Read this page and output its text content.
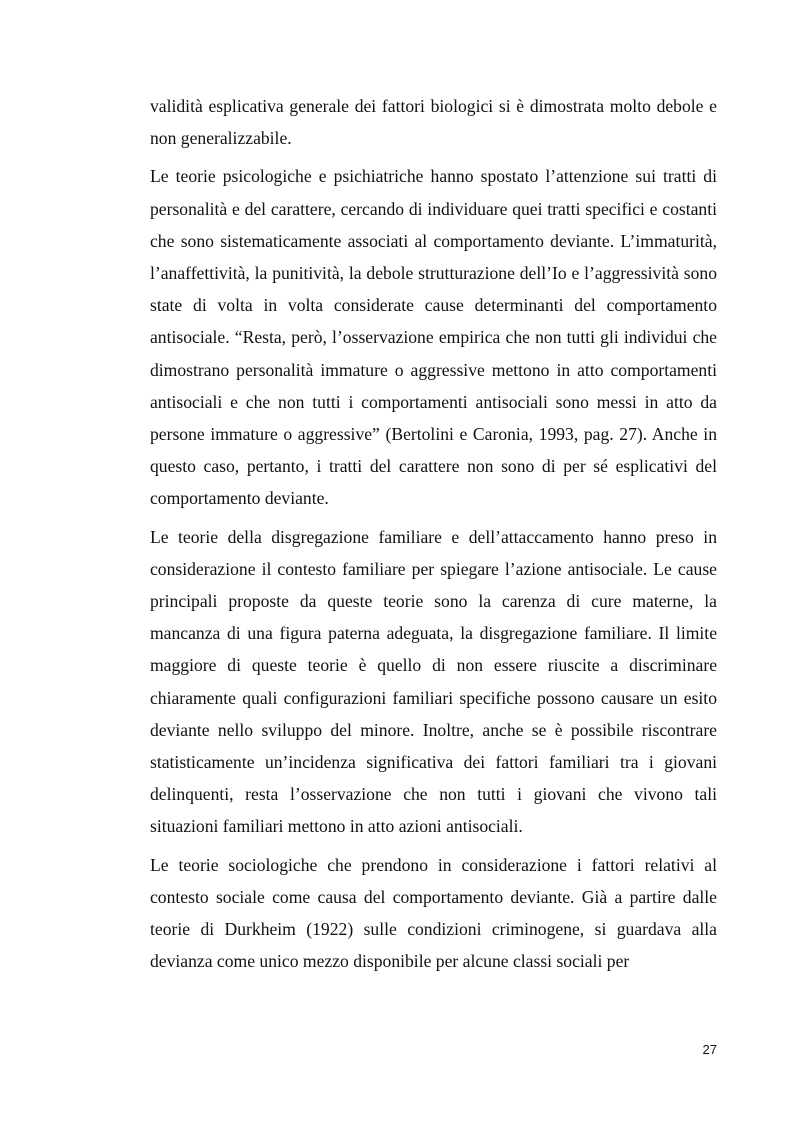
validità esplicativa generale dei fattori biologici si è dimostrata molto debole e non generalizzabile.

Le teorie psicologiche e psichiatriche hanno spostato l’attenzione sui tratti di personalità e del carattere, cercando di individuare quei tratti specifici e costanti che sono sistematicamente associati al comportamento deviante. L’immaturità, l’anaffettività, la punitività, la debole strutturazione dell’Io e l’aggressività sono state di volta in volta considerate cause determinanti del comportamento antisociale. “Resta, però, l’osservazione empirica che non tutti gli individui che dimostrano personalità immature o aggressive mettono in atto comportamenti antisociali e che non tutti i comportamenti antisociali sono messi in atto da persone immature o aggressive” (Bertolini e Caronia, 1993, pag. 27). Anche in questo caso, pertanto, i tratti del carattere non sono di per sé esplicativi del comportamento deviante.

Le teorie della disgregazione familiare e dell’attaccamento hanno preso in considerazione il contesto familiare per spiegare l’azione antisociale. Le cause principali proposte da queste teorie sono la carenza di cure materne, la mancanza di una figura paterna adeguata, la disgregazione familiare. Il limite maggiore di queste teorie è quello di non essere riuscite a discriminare chiaramente quali configurazioni familiari specifiche possono causare un esito deviante nello sviluppo del minore. Inoltre, anche se è possibile riscontrare statisticamente un’incidenza significativa dei fattori familiari tra i giovani delinquenti, resta l’osservazione che non tutti i giovani che vivono tali situazioni familiari mettono in atto azioni antisociali.

Le teorie sociologiche che prendono in considerazione i fattori relativi al contesto sociale come causa del comportamento deviante. Già a partire dalle teorie di Durkheim (1922) sulle condizioni criminogene, si guardava alla devianza come unico mezzo disponibile per alcune classi sociali per

27
